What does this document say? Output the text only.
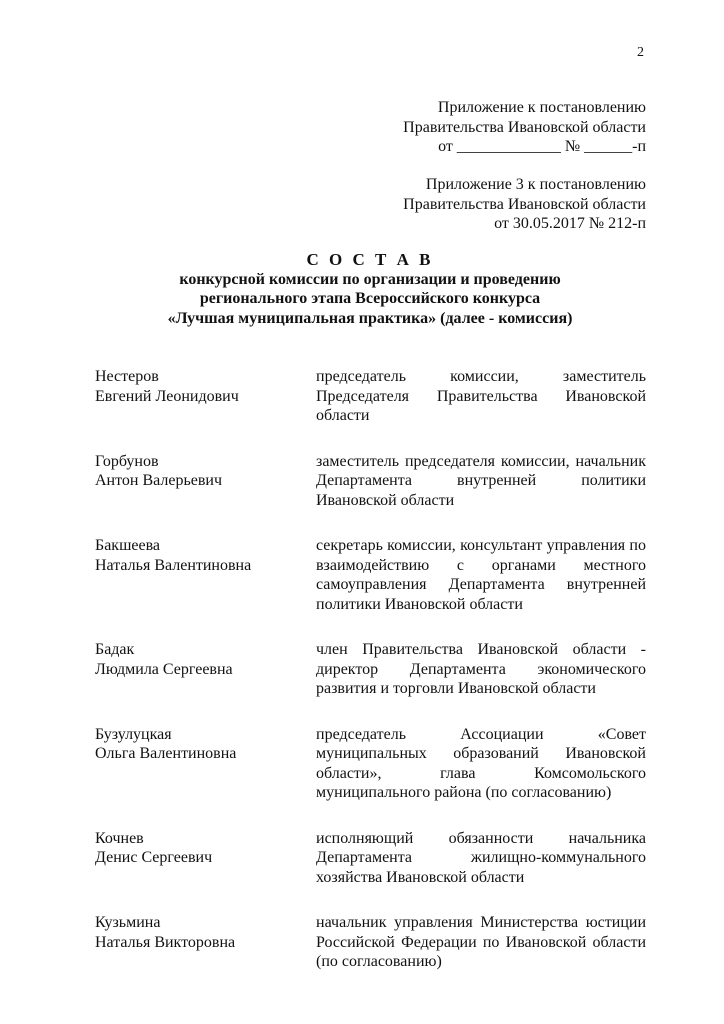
2
Приложение к постановлению
Правительства Ивановской области
от _____________ № ______-п
Приложение 3 к постановлению
Правительства Ивановской области
от 30.05.2017 № 212-п
С О С Т А В
конкурсной комиссии по организации и проведению
регионального этапа Всероссийского конкурса
«Лучшая муниципальная практика» (далее - комиссия)
Нестеров
Евгений Леонидович
председатель комиссии, заместитель Председателя Правительства Ивановской области
Горбунов
Антон Валерьевич
заместитель председателя комиссии, начальник Департамента внутренней политики Ивановской области
Бакшеева
Наталья Валентиновна
секретарь комиссии, консультант управления по взаимодействию с органами местного самоуправления Департамента внутренней политики Ивановской области
Бадак
Людмила Сергеевна
член Правительства Ивановской области - директор Департамента экономического развития и торговли Ивановской области
Бузулуцкая
Ольга Валентиновна
председатель Ассоциации «Совет муниципальных образований Ивановской области», глава Комсомольского муниципального района (по согласованию)
Кочнев
Денис Сергеевич
исполняющий обязанности начальника Департамента жилищно-коммунального хозяйства Ивановской области
Кузьмина
Наталья Викторовна
начальник управления Министерства юстиции Российской Федерации по Ивановской области (по согласованию)
